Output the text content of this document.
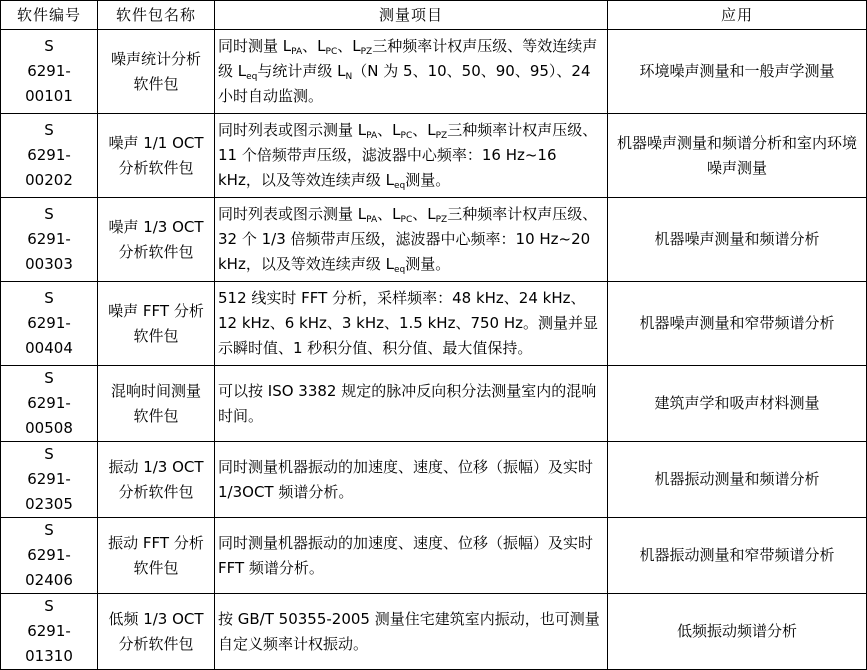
软件编号	软件包名称	测量项目	应用

S
6291-00101	噪声统计分析
软件包	同时测量 $L_{PA}$、$L_{PC}$、$L_{PZ}$三种频率计权声压级、等效连续声级 $L_{eq}$与统计声级 $L_N(N$ 为 5、10、50、90、95）、24 小时自动监测。	环境噪声测量和一般声学测量

S
6291-00202	噪声 1/1 OCT
分析软件包	同时列表或图示测量 $L_{PA}$、$L_{PC}$、$L_{PZ}$三种频率计权声压级、11 个倍频带声压级，滤波器中心频率：16 Hz~16 kHz，以及等效连续声级 $L_{eq}$测量。	机器噪声测量和频谱分析和室内环境噪声测量

S
6291-00303	噪声 1/3 OCT
分析软件包	同时列表或图示测量 $L_{PA}$、$L_{PC}$、$L_{PZ}$三种频率计权声压级、32 个 1/3 倍频带声压级，滤波器中心频率：10 Hz~20 kHz，以及等效连续声级 $L_{eq}$测量。	机器噪声测量和频谱分析

S
6291-00404	噪声 FFT 分析
软件包	512 线实时 FFT 分析，采样频率：48 kHz、24 kHz、12 kHz、6 kHz、3 kHz、1.5 kHz、750 Hz。测量并显示瞬时值、1 秒积分值、积分值、最大值保持。	机器噪声测量和窄带频谱分析

S
6291-00508	混响时间测量
软件包	可以按 ISO 3382 规定的脉冲反向积分法测量室内的混响时间。	建筑声学和吸声材料测量

S
6291-02305	振动 1/3 OCT
分析软件包	同时测量机器振动的加速度、速度、位移（振幅）及实时 1/3OCT 频谱分析。	机器振动测量和频谱分析

S
6291-02406	振动 FFT 分析
软件包	同时测量机器振动的加速度、速度、位移（振幅）及实时 FFT 频谱分析。	机器振动测量和窄带频谱分析

S
6291-01310	低频 1/3 OCT
分析软件包	按 GB/T 50355-2005 测量住宅建筑室内振动，也可测量自定义频率计权振动。	低频振动频谱分析
